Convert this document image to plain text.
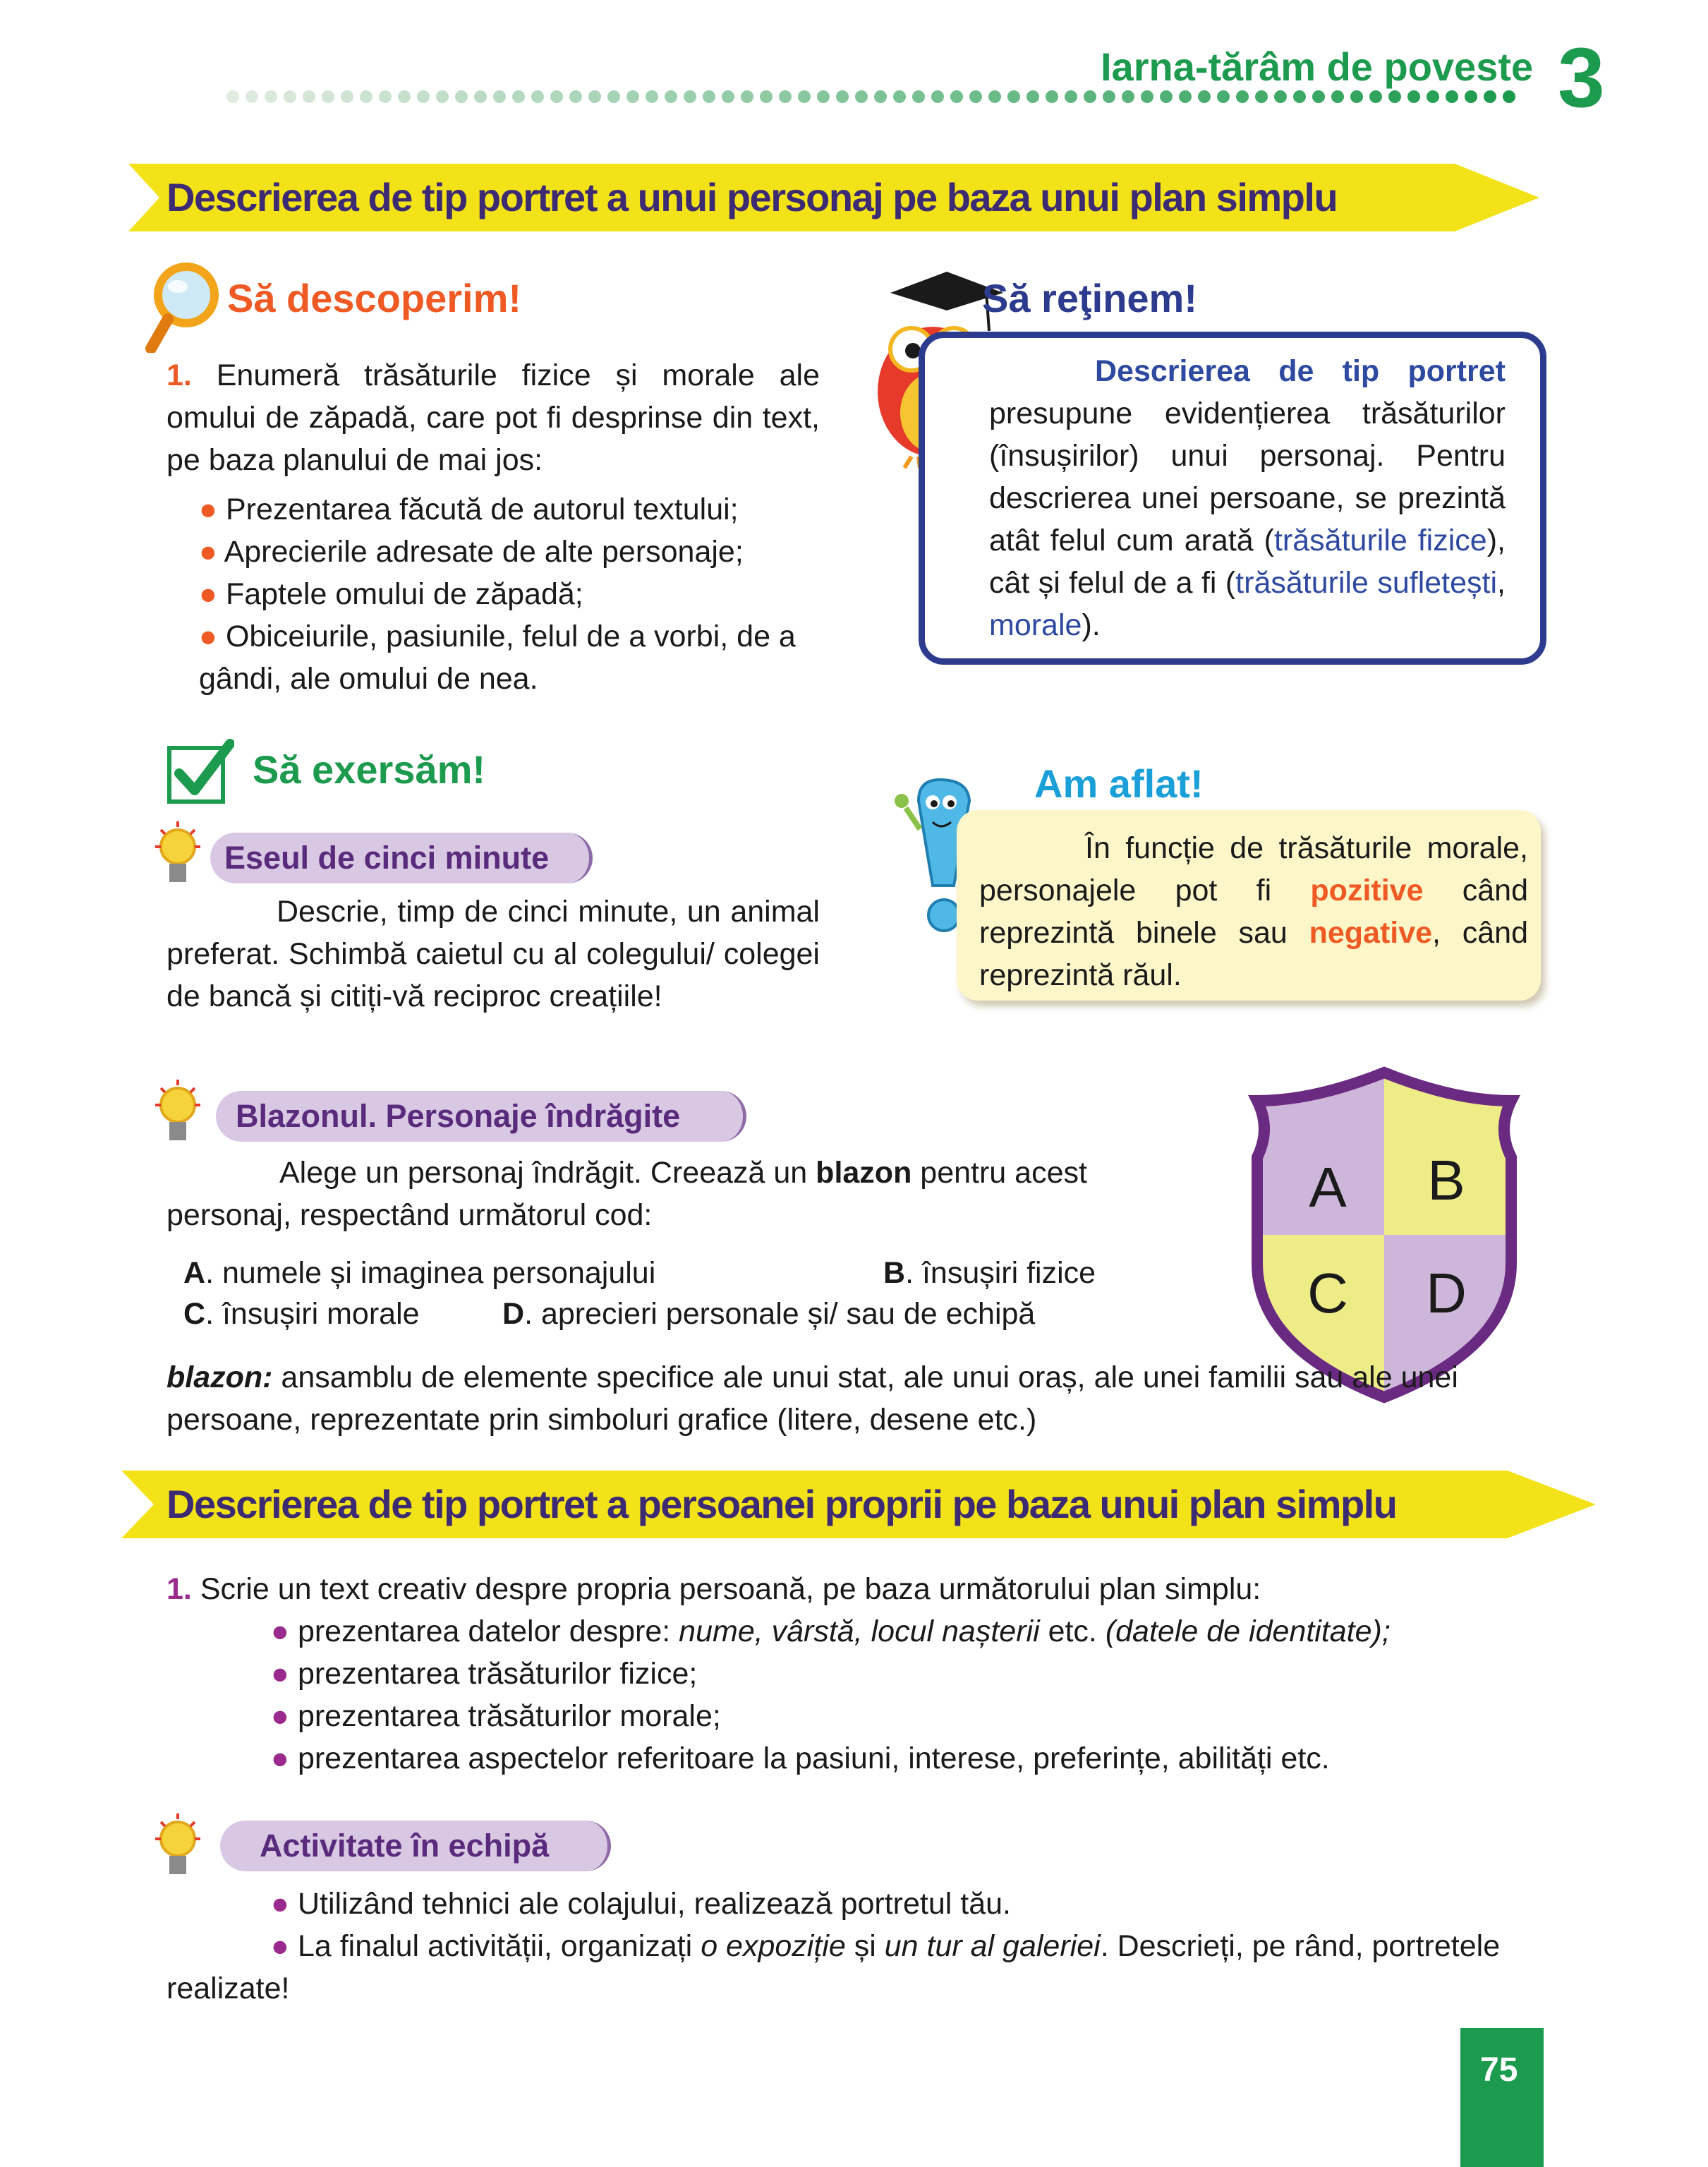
Iarna-tărâm de poveste 3
Descrierea de tip portret a unui personaj pe baza unui plan simplu
Să descoperim!
1. Enumeră trăsăturile fizice și morale ale omului de zăpadă, care pot fi desprinse din text, pe baza planului de mai jos:
● Prezentarea făcută de autorul textului;
● Aprecierile adresate de alte personaje;
● Faptele omului de zăpadă;
● Obiceiurile, pasiunile, felul de a vorbi, de a gândi, ale omului de nea.
Să reţinem!
Descrierea de tip portret presupune evidențierea trăsăturilor (însușirilor) unui personaj. Pentru descrierea unei persoane, se prezintă atât felul cum arată (trăsăturile fizice), cât și felul de a fi (trăsăturile sufletești, morale).
Să exersăm!
Eseul de cinci minute
Descrie, timp de cinci minute, un animal preferat. Schimbă caietul cu al colegului/ colegei de bancă și citiți-vă reciproc creațiile!
Am aflat!
În funcție de trăsăturile morale, personajele pot fi pozitive când reprezintă binele sau negative, când reprezintă răul.
Blazonul. Personaje îndrăgite
Alege un personaj îndrăgit. Creează un blazon pentru acest personaj, respectând următorul cod:
A. numele și imaginea personajului	B. însușiri fizice
C. însușiri morale	D. aprecieri personale și/ sau de echipă
A B
C D
blazon: ansamblu de elemente specifice ale unui stat, ale unui oraș, ale unei familii sau ale unei persoane, reprezentate prin simboluri grafice (litere, desene etc.)
Descrierea de tip portret a persoanei proprii pe baza unui plan simplu
1. Scrie un text creativ despre propria persoană, pe baza următorului plan simplu:
● prezentarea datelor despre: nume, vârstă, locul nașterii etc. (datele de identitate);
● prezentarea trăsăturilor fizice;
● prezentarea trăsăturilor morale;
● prezentarea aspectelor referitoare la pasiuni, interese, preferințe, abilități etc.
Activitate în echipă
● Utilizând tehnici ale colajului, realizează portretul tău.
● La finalul activității, organizați o expoziție și un tur al galeriei. Descrieți, pe rând, portretele realizate!
75
